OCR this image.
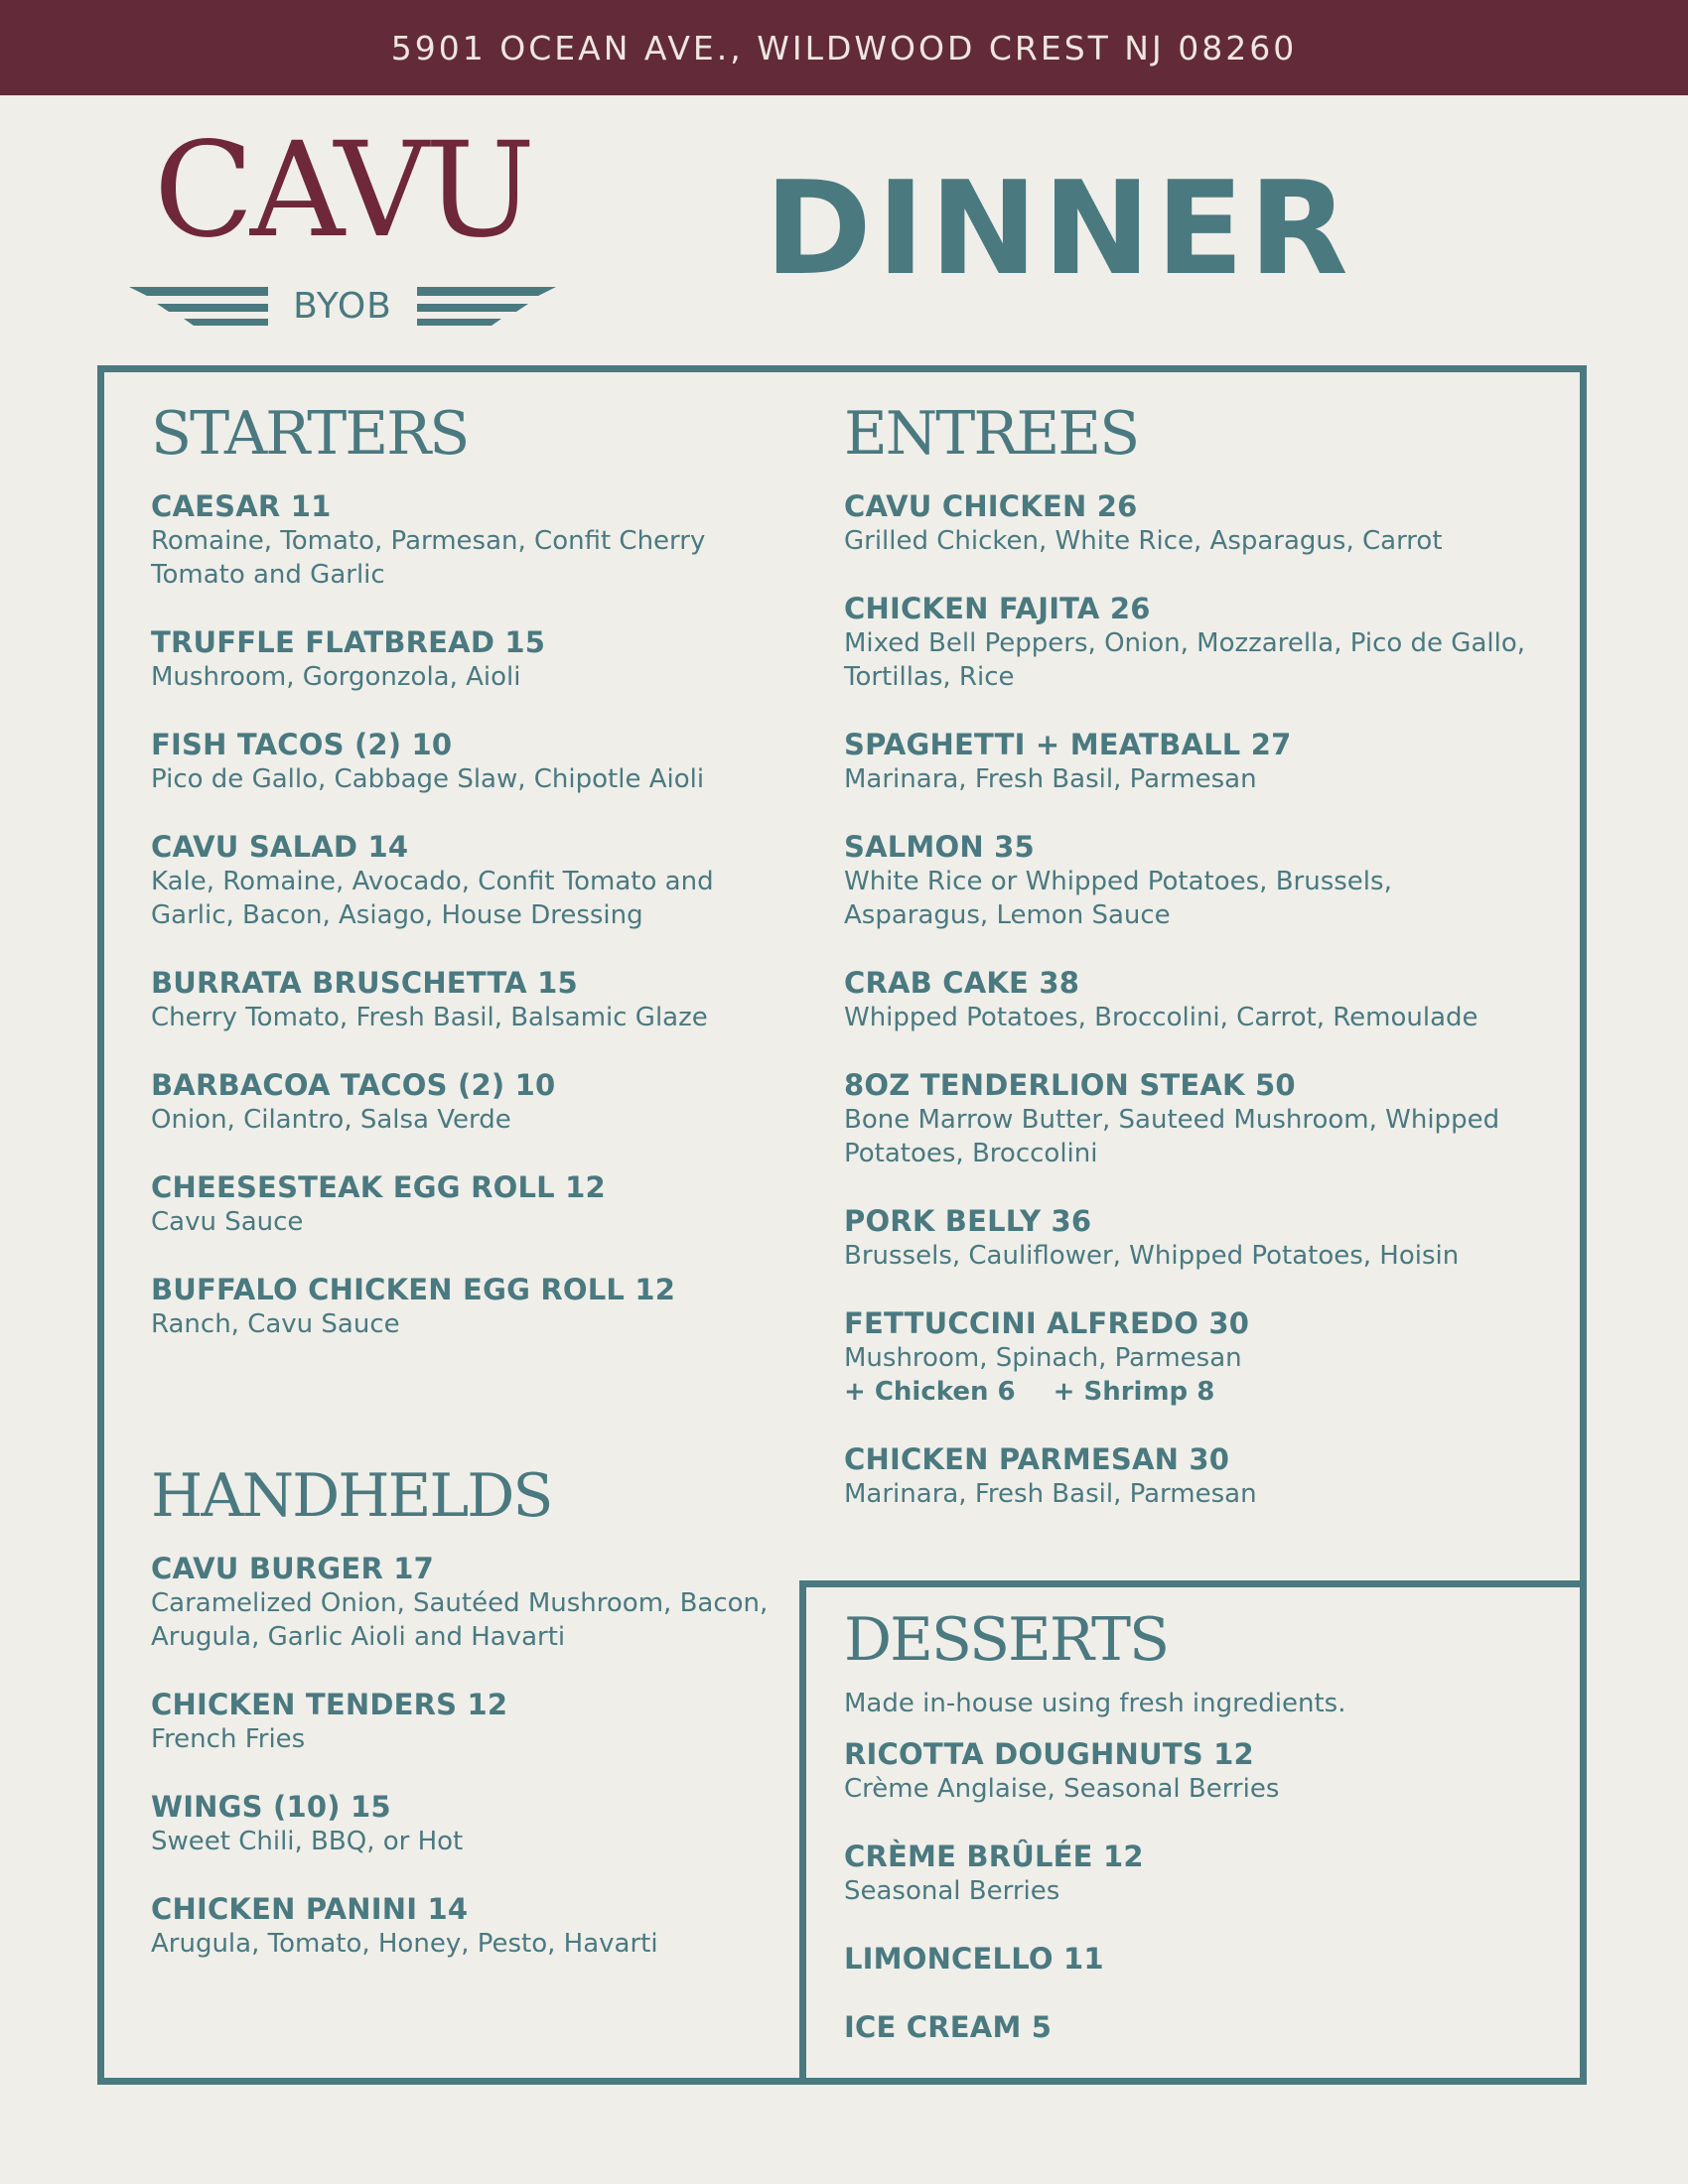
5901 OCEAN AVE., WILDWOOD CREST NJ 08260
CAVU
BYOB
DINNER
STARTERS
CAESAR 11
Romaine, Tomato, Parmesan, Confit Cherry Tomato and Garlic
TRUFFLE FLATBREAD 15
Mushroom, Gorgonzola, Aioli
FISH TACOS (2) 10
Pico de Gallo, Cabbage Slaw, Chipotle Aioli
CAVU SALAD 14
Kale, Romaine, Avocado, Confit Tomato and Garlic, Bacon, Asiago, House Dressing
BURRATA BRUSCHETTA 15
Cherry Tomato, Fresh Basil, Balsamic Glaze
BARBACOA TACOS (2) 10
Onion, Cilantro, Salsa Verde
CHEESESTEAK EGG ROLL 12
Cavu Sauce
BUFFALO CHICKEN EGG ROLL 12
Ranch, Cavu Sauce
HANDHELDS
CAVU BURGER 17
Caramelized Onion, Sautéed Mushroom, Bacon, Arugula, Garlic Aioli and Havarti
CHICKEN TENDERS 12
French Fries
WINGS (10) 15
Sweet Chili, BBQ, or Hot
CHICKEN PANINI 14
Arugula, Tomato, Honey, Pesto, Havarti
ENTREES
CAVU CHICKEN 26
Grilled Chicken, White Rice, Asparagus, Carrot
CHICKEN FAJITA 26
Mixed Bell Peppers, Onion, Mozzarella, Pico de Gallo, Tortillas, Rice
SPAGHETTI + MEATBALL 27
Marinara, Fresh Basil, Parmesan
SALMON 35
White Rice or Whipped Potatoes, Brussels, Asparagus, Lemon Sauce
CRAB CAKE 38
Whipped Potatoes, Broccolini, Carrot, Remoulade
8OZ TENDERLION STEAK 50
Bone Marrow Butter, Sauteed Mushroom, Whipped Potatoes, Broccolini
PORK BELLY 36
Brussels, Cauliflower, Whipped Potatoes, Hoisin
FETTUCCINI ALFREDO 30
Mushroom, Spinach, Parmesan
+ Chicken 6 + Shrimp 8
CHICKEN PARMESAN 30
Marinara, Fresh Basil, Parmesan
DESSERTS
Made in-house using fresh ingredients.
RICOTTA DOUGHNUTS 12
Crème Anglaise, Seasonal Berries
CRÈME BRÛLÉE 12
Seasonal Berries
LIMONCELLO 11
ICE CREAM 5
